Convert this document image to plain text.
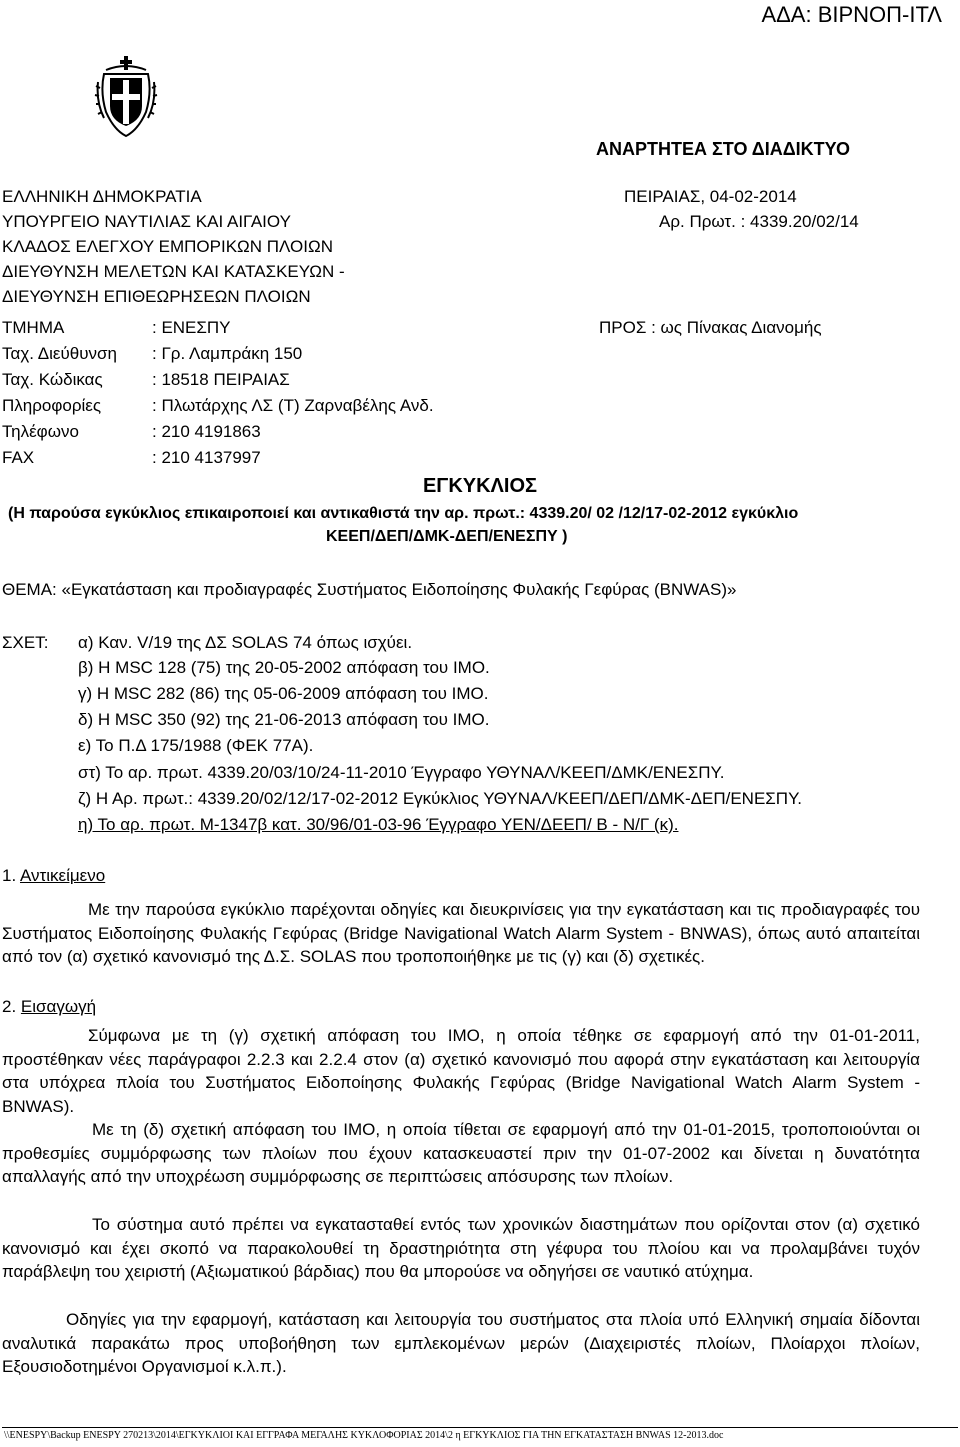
ΑΔΑ: ΒΙΡΝΟΠ-ΙΤΛ
ΑΝΑΡΤΗΤΕΑ ΣΤΟ ΔΙΑΔΙΚΤΥΟ
ΕΛΛΗΝΙΚΗ ΔΗΜΟΚΡΑΤΙΑ
ΥΠΟΥΡΓΕΙΟ ΝΑΥΤΙΛΙΑΣ ΚΑΙ ΑΙΓΑΙΟΥ
ΚΛΑΔΟΣ ΕΛΕΓΧΟΥ ΕΜΠΟΡΙΚΩΝ ΠΛΟΙΩΝ
ΔΙΕΥΘΥΝΣΗ ΜΕΛΕΤΩΝ ΚΑΙ ΚΑΤΑΣΚΕΥΩΝ -
ΔΙΕΥΘΥΝΣΗ ΕΠΙΘΕΩΡΗΣΕΩΝ ΠΛΟΙΩΝ
ΤΜΗΜΑ	: ΕΝΕΣΠΥ
Ταχ. Διεύθυνση : Γρ. Λαμπράκη 150
Ταχ. Κώδικας	: 18518 ΠΕΙΡΑΙΑΣ
Πληροφορίες	: Πλωτάρχης ΛΣ (Τ) Ζαρναβέλης Ανδ.
Τηλέφωνο	: 210 4191863
FAX	: 210 4137997
ΠΕΙΡΑΙΑΣ, 04-02-2014
Αρ. Πρωτ. : 4339.20/02/14
ΠΡΟΣ : ως Πίνακας Διανομής
ΕΓΚΥΚΛΙΟΣ
(Η παρούσα εγκύκλιος επικαιροποιεί και αντικαθιστά την αρ. πρωτ.: 4339.20/ 02 /12/17-02-2012 εγκύκλιο
ΚΕΕΠ/ΔΕΠ/ΔΜΚ-ΔΕΠ/ΕΝΕΣΠΥ )
ΘΕΜΑ: «Εγκατάσταση και προδιαγραφές Συστήματος Ειδοποίησης Φυλακής Γεφύρας (BNWAS)»
ΣΧΕΤ: α) Καν. V/19 της ΔΣ SOLAS 74 όπως ισχύει.
β) Η MSC 128 (75) της 20-05-2002 απόφαση του ΙΜΟ.
γ) Η MSC 282 (86) της 05-06-2009 απόφαση του ΙΜΟ.
δ) Η MSC 350 (92) της 21-06-2013 απόφαση του ΙΜΟ.
ε) Το Π.Δ 175/1988 (ΦΕΚ 77Α).
στ) Το αρ. πρωτ. 4339.20/03/10/24-11-2010 Έγγραφο ΥΘΥΝΑΛ/ΚΕΕΠ/ΔΜΚ/ΕΝΕΣΠΥ.
ζ) Η Αρ. πρωτ.: 4339.20/02/12/17-02-2012 Εγκύκλιος ΥΘΥΝΑΛ/ΚΕΕΠ/ΔΕΠ/ΔΜΚ-ΔΕΠ/ΕΝΕΣΠΥ.
η) Το αρ. πρωτ. Μ-1347β κατ. 30/96/01-03-96 Έγγραφο ΥΕΝ/ΔΕΕΠ/ Β - Ν/Γ (κ).
1. Αντικείμενο
Με την παρούσα εγκύκλιο παρέχονται οδηγίες και διευκρινίσεις για την εγκατάσταση και τις προδιαγραφές του Συστήματος Ειδοποίησης Φυλακής Γεφύρας (Bridge Navigational Watch Alarm System - BNWAS), όπως αυτό απαιτείται από τον (α) σχετικό κανονισμό της Δ.Σ. SOLAS που τροποποιήθηκε με τις (γ) και (δ) σχετικές.
2. Εισαγωγή
Σύμφωνα με τη (γ) σχετική απόφαση του ΙΜΟ, η οποία τέθηκε σε εφαρμογή από την 01-01-2011, προστέθηκαν νέες παράγραφοι 2.2.3 και 2.2.4 στον (α) σχετικό κανονισμό που αφορά στην εγκατάσταση και λειτουργία στα υπόχρεα πλοία του Συστήματος Ειδοποίησης Φυλακής Γεφύρας (Bridge Navigational Watch Alarm System - BNWAS).
Με τη (δ) σχετική απόφαση του ΙΜΟ, η οποία τίθεται σε εφαρμογή από την 01-01-2015, τροποποιούνται οι προθεσμίες συμμόρφωσης των πλοίων που έχουν κατασκευαστεί πριν την 01-07-2002 και δίνεται η δυνατότητα απαλλαγής από την υποχρέωση συμμόρφωσης σε περιπτώσεις απόσυρσης των πλοίων.
Το σύστημα αυτό πρέπει να εγκατασταθεί εντός των χρονικών διαστημάτων που ορίζονται στον (α) σχετικό κανονισμό και έχει σκοπό να παρακολουθεί τη δραστηριότητα στη γέφυρα του πλοίου και να προλαμβάνει τυχόν παράβλεψη του χειριστή (Αξιωματικού βάρδιας) που θα μπορούσε να οδηγήσει σε ναυτικό ατύχημα.
Οδηγίες για την εφαρμογή, κατάσταση και λειτουργία του συστήματος στα πλοία υπό Ελληνική σημαία δίδονται αναλυτικά παρακάτω προς υποβοήθηση των εμπλεκομένων μερών (Διαχειριστές πλοίων, Πλοίαρχοι πλοίων, Εξουσιοδοτημένοι Οργανισμοί κ.λ.π.).
\\ENESPY\Backup ENESPY 270213\2014\ΕΓΚΥΚΛΙΟΙ ΚΑΙ ΕΓΓΡΑΦΑ ΜΕΓΑΛΗΣ ΚΥΚΛΟΦΟΡΙΑΣ 2014\2 η ΕΓΚΥΚΛΙΟΣ ΓΙΑ ΤΗΝ ΕΓΚΑΤΑΣΤΑΣΗ BNWAS 12-2013.doc
